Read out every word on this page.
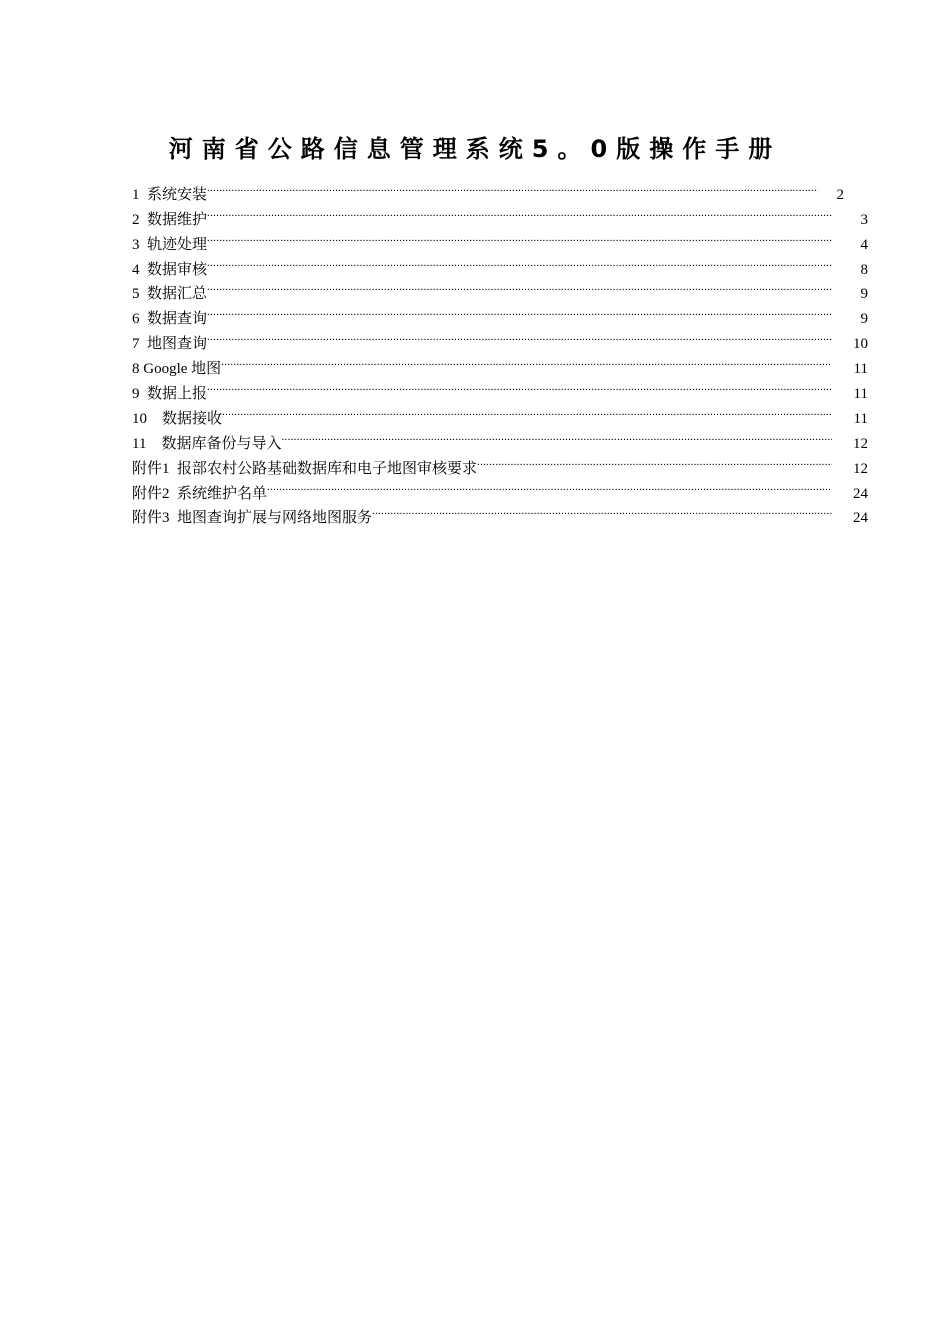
河南省公路信息管理系统5。0版操作手册
1 系统安装 .....	2
2 数据维护 .....	3
3 轨迹处理 .....	4
4 数据审核 .....	8
5 数据汇总 .....	9
6 数据查询 .....	9
7 地图查询 .....	10
8 Google 地图 .....	11
9 数据上报 .....	11
10 数据接收 .....	11
11 数据库备份与导入 .....	12
附件1 报部农村公路基础数据库和电子地图审核要求 .....	12
附件2 系统维护名单 .....	24
附件3 地图查询扩展与网络地图服务 .....	24
